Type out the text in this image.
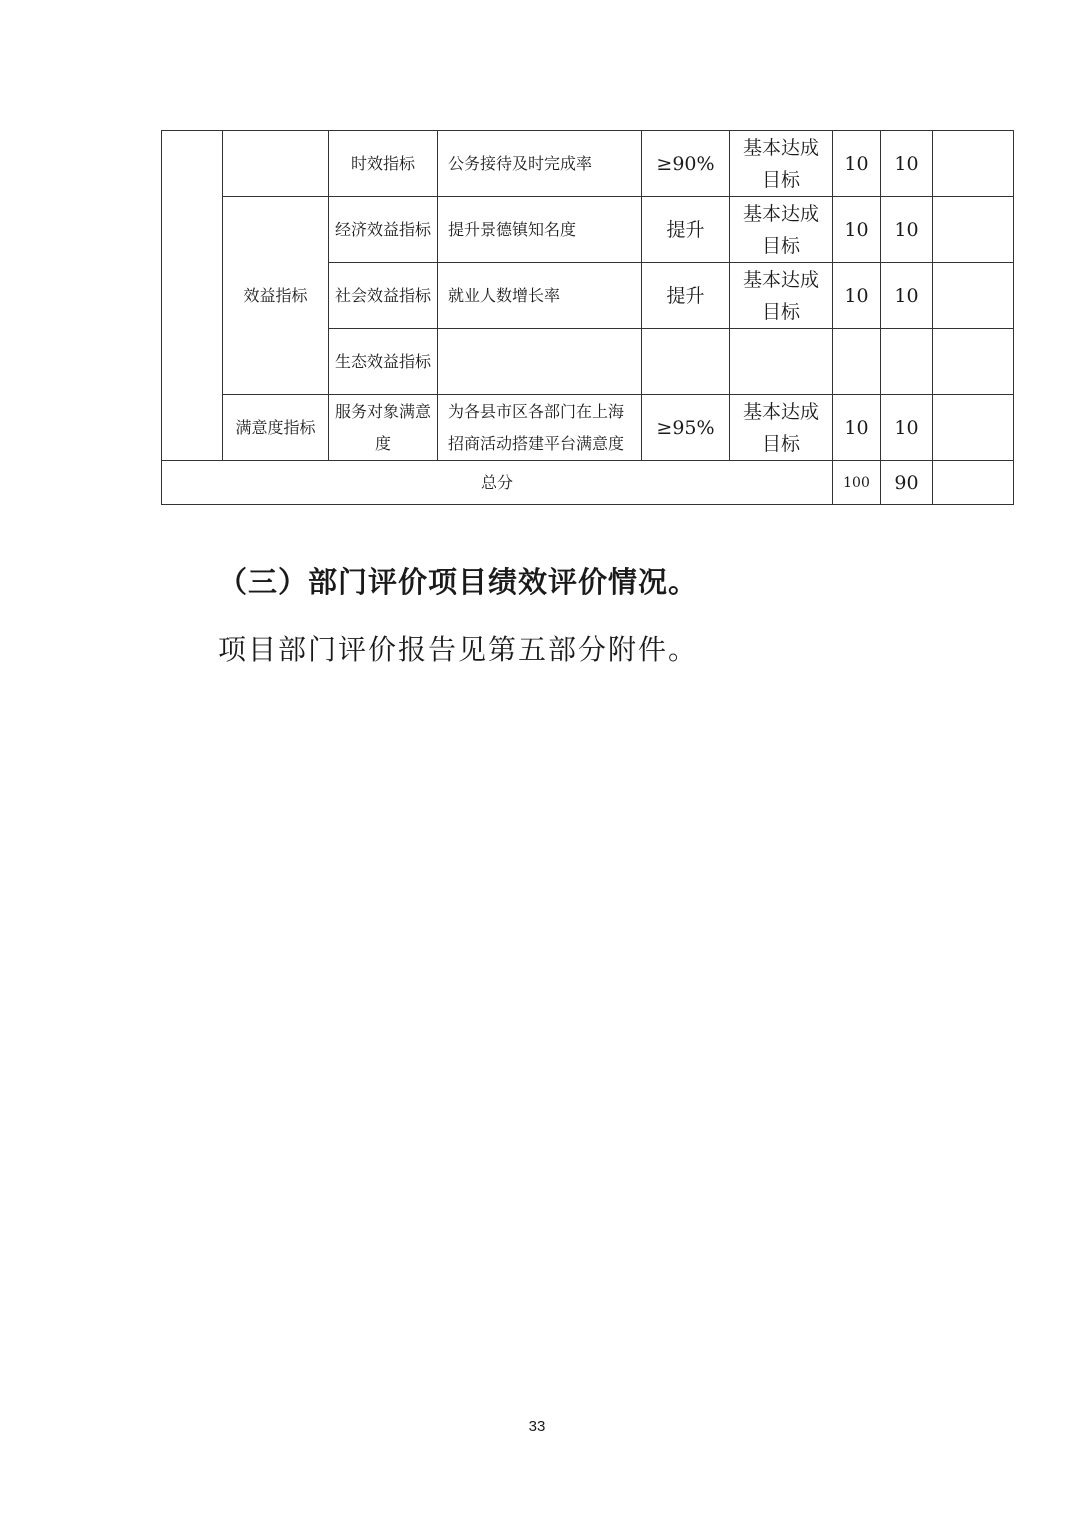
		时效指标	公务接待及时完成率	≥90%	基本达成目标	10	10	
	效益指标	经济效益指标	提升景德镇知名度	提升	基本达成目标	10	10	
		社会效益指标	就业人数增长率	提升	基本达成目标	10	10	
		生态效益指标						
	满意度指标	服务对象满意度	为各县市区各部门在上海招商活动搭建平台满意度	≥95%	基本达成目标	10	10	
总分						100	90	
（三）部门评价项目绩效评价情况。
项目部门评价报告见第五部分附件。
33
